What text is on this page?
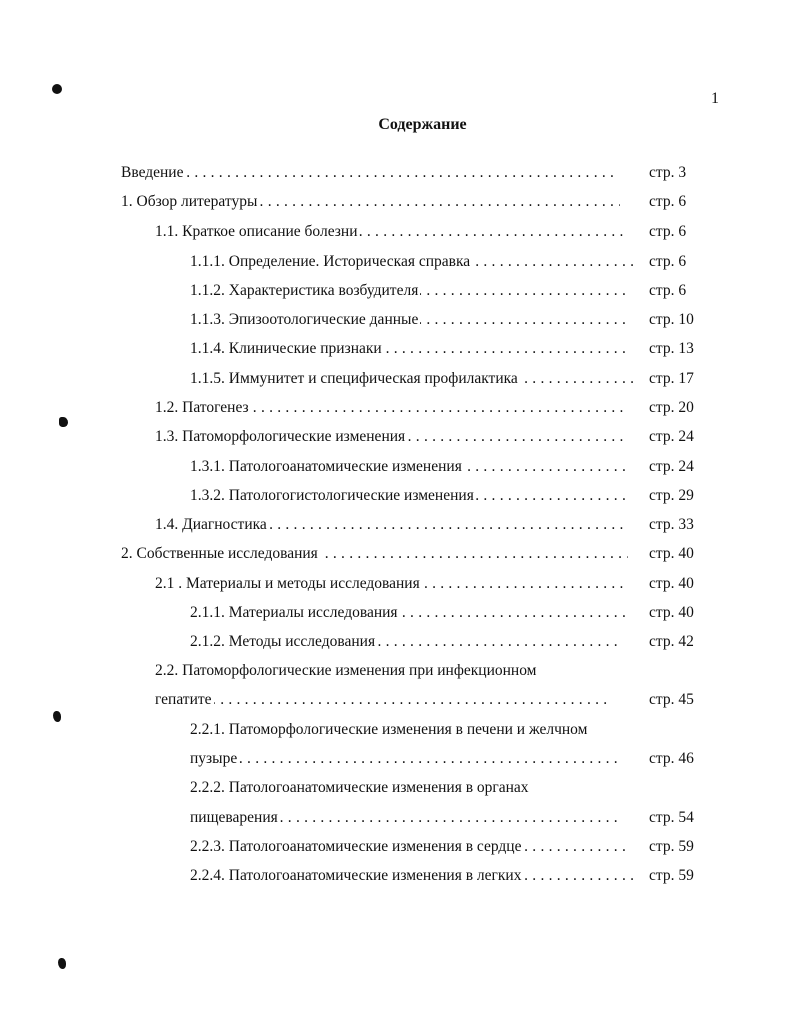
1
Содержание
Введение . . .	стр. 3
1. Обзор литературы . . .	стр. 6
1.1. Краткое описание болезни . . .	стр. 6
1.1.1. Определение. Историческая справка . . .	стр. 6
1.1.2. Характеристика возбудителя . . .	стр. 6
1.1.3. Эпизоотологические данные . . .	стр. 10
1.1.4. Клинические признаки . . .	стр. 13
1.1.5. Иммунитет и специфическая профилактика . . .	стр. 17
1.2. Патогенез . . .	стр. 20
1.3. Патоморфологические изменения . . .	стр. 24
1.3.1. Патологоанатомические изменения . . .	стр. 24
1.3.2. Патологогистологические изменения . . .	стр. 29
1.4. Диагностика . . .	стр. 33
2. Собственные исследования . . .	стр. 40
2.1 . Материалы и методы исследования . . .	стр. 40
2.1.1. Материалы исследования . . .	стр. 40
2.1.2. Методы исследования . . .	стр. 42
2.2. Патоморфологические изменения при инфекционном
гепатите . . .	стр. 45
2.2.1. Патоморфологические изменения в печени и желчном
пузыре . . .	стр. 46
2.2.2. Патологоанатомические изменения в органах
пищеварения . . .	стр. 54
2.2.3. Патологоанатомические изменения в сердце . . .	стр. 59
2.2.4. Патологоанатомические изменения в легких . . .	стр. 59
